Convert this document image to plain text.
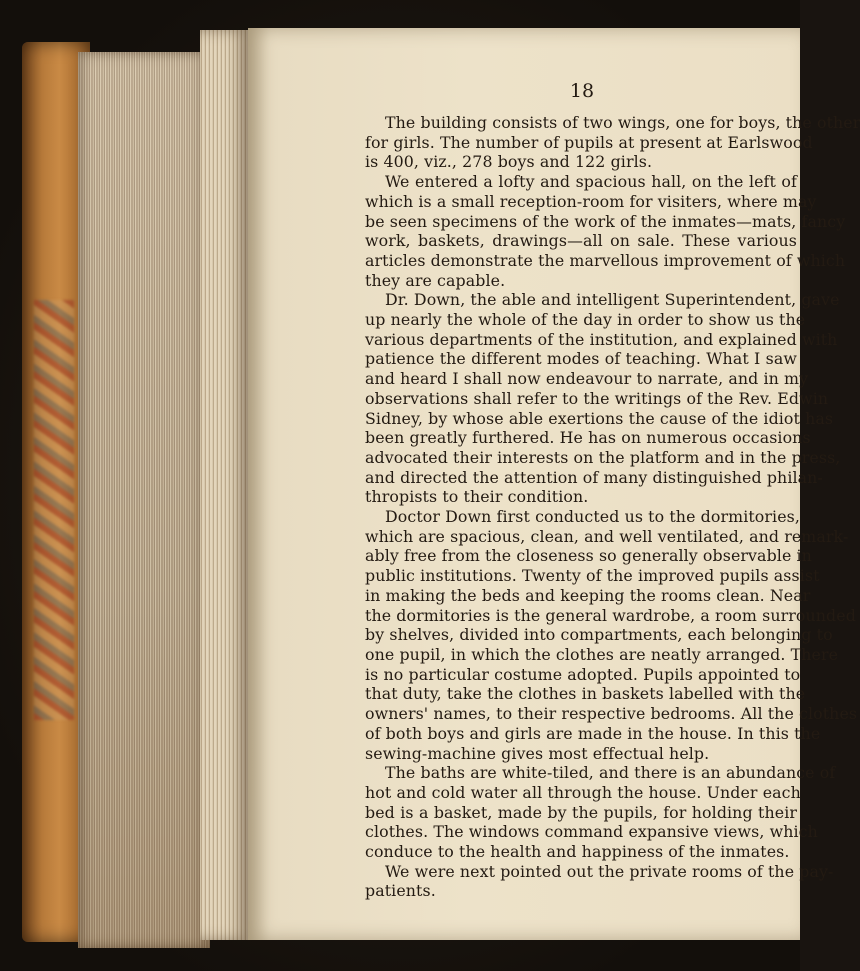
18
The building consists of two wings, one for boys, the other
for girls. The number of pupils at present at Earlswood
is 400, viz., 278 boys and 122 girls.
We entered a lofty and spacious hall, on the left of
which is a small reception-room for visiters, where may
be seen specimens of the work of the inmates—mats, fancy
work, baskets, drawings—all on sale. These various
articles demonstrate the marvellous improvement of which
they are capable.
Dr. Down, the able and intelligent Superintendent, gave
up nearly the whole of the day in order to show us the
various departments of the institution, and explained with
patience the different modes of teaching. What I saw
and heard I shall now endeavour to narrate, and in my
observations shall refer to the writings of the Rev. Edwin
Sidney, by whose able exertions the cause of the idiot has
been greatly furthered. He has on numerous occasions
advocated their interests on the platform and in the press,
and directed the attention of many distinguished philan-
thropists to their condition.
Doctor Down first conducted us to the dormitories,
which are spacious, clean, and well ventilated, and remark-
ably free from the closeness so generally observable in
public institutions. Twenty of the improved pupils assist
in making the beds and keeping the rooms clean. Near
the dormitories is the general wardrobe, a room surrounded
by shelves, divided into compartments, each belonging to
one pupil, in which the clothes are neatly arranged. There
is no particular costume adopted. Pupils appointed to
that duty, take the clothes in baskets labelled with the
owners' names, to their respective bedrooms. All the clothes
of both boys and girls are made in the house. In this the
sewing-machine gives most effectual help.
The baths are white-tiled, and there is an abundance of
hot and cold water all through the house. Under each
bed is a basket, made by the pupils, for holding their
clothes. The windows command expansive views, which
conduce to the health and happiness of the inmates.
We were next pointed out the private rooms of the pay-
patients.
